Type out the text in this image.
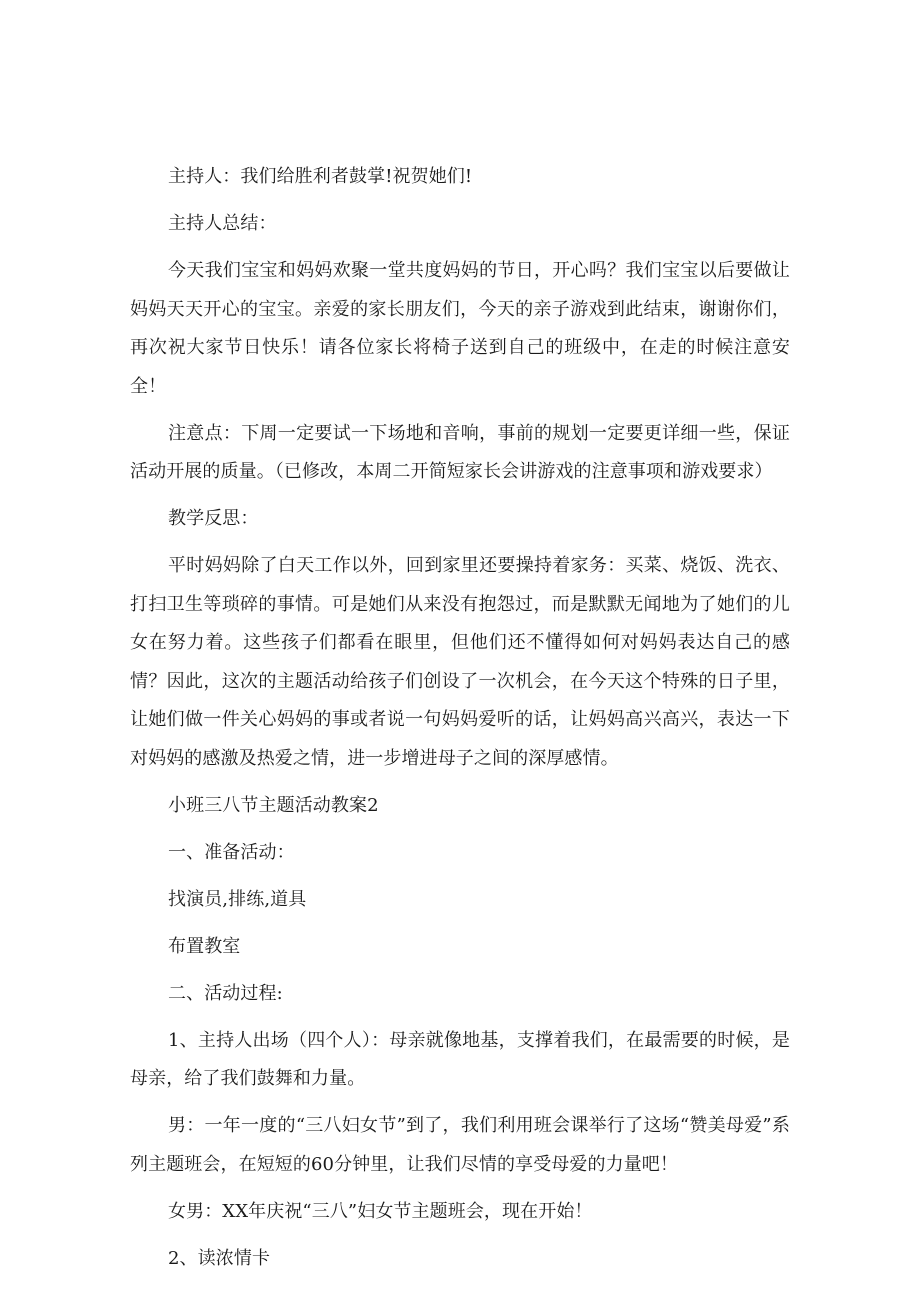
主持人：我们给胜利者鼓掌!祝贺她们!

主持人总结：

今天我们宝宝和妈妈欢聚一堂共度妈妈的节日，开心吗？我们宝宝以后要做让妈妈天天开心的宝宝。亲爱的家长朋友们，今天的亲子游戏到此结束，谢谢你们，再次祝大家节日快乐！请各位家长将椅子送到自己的班级中，在走的时候注意安全！

注意点：下周一定要试一下场地和音响，事前的规划一定要更详细一些，保证活动开展的质量。（已修改，本周二开简短家长会讲游戏的注意事项和游戏要求）

教学反思：

平时妈妈除了白天工作以外，回到家里还要操持着家务：买菜、烧饭、洗衣、打扫卫生等琐碎的事情。可是她们从来没有抱怨过，而是默默无闻地为了她们的儿女在努力着。这些孩子们都看在眼里，但他们还不懂得如何对妈妈表达自己的感情？因此，这次的主题活动给孩子们创设了一次机会，在今天这个特殊的日子里，让她们做一件关心妈妈的事或者说一句妈妈爱听的话，让妈妈高兴高兴，表达一下对妈妈的感激及热爱之情，进一步增进母子之间的深厚感情。

小班三八节主题活动教案2

一、准备活动：

找演员,排练,道具

布置教室

二、活动过程:

1、主持人出场（四个人）：母亲就像地基，支撑着我们，在最需要的时候，是母亲，给了我们鼓舞和力量。

男：一年一度的“三八妇女节”到了，我们利用班会课举行了这场“赞美母爱”系列主题班会，在短短的60分钟里，让我们尽情的享受母爱的力量吧！

女男：XX年庆祝“三八”妇女节主题班会，现在开始！

2、读浓情卡
